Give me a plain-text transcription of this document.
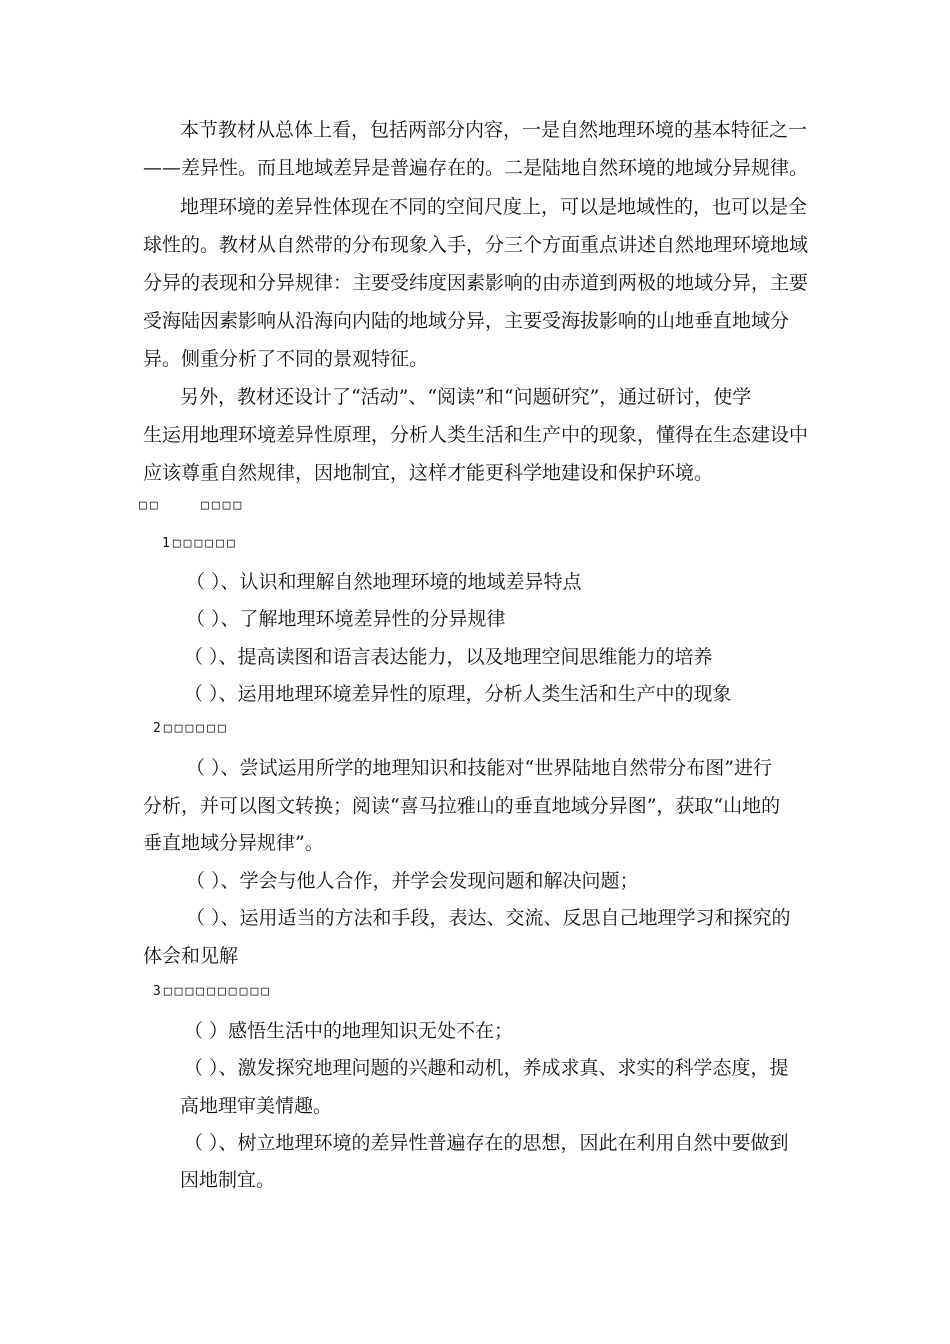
本节教材从总体上看，包括两部分内容，一是自然地理环境的基本特征之一

——差异性。而且地域差异是普遍存在的。二是陆地自然环境的地域分异规律。

地理环境的差异性体现在不同的空间尺度上，可以是地域性的，也可以是全

球性的。教材从自然带的分布现象入手，分三个方面重点讲述自然地理环境地域

分异的表现和分异规律：主要受纬度因素影响的由赤道到两极的地域分异，主要

受海陆因素影响从沿海向内陆的地域分异，主要受海拔影响的山地垂直地域分

异。侧重分析了不同的景观特征。

另外，教材还设计了“活动”、“阅读”和“问题研究”，通过研讨，使学

生运用地理环境差异性原理，分析人类生活和生产中的现象，懂得在生态建设中

应该尊重自然规律，因地制宜，这样才能更科学地建设和保护环境。

□□	□□□□

1□□□□□□

（ ）、认识和理解自然地理环境的地域差异特点

（ ）、了解地理环境差异性的分异规律

（ ）、提高读图和语言表达能力，以及地理空间思维能力的培养

（ ）、运用地理环境差异性的原理，分析人类生活和生产中的现象

2□□□□□□

（ ）、尝试运用所学的地理知识和技能对“世界陆地自然带分布图”进行

分析，并可以图文转换；阅读“喜马拉雅山的垂直地域分异图”，获取“山地的

垂直地域分异规律”。

（ ）、学会与他人合作，并学会发现问题和解决问题；

（ ）、运用适当的方法和手段，表达、交流、反思自己地理学习和探究的

体会和见解

3□□□□□□□□□□

（ ）感悟生活中的地理知识无处不在；

（ ）、激发探究地理问题的兴趣和动机，养成求真、求实的科学态度，提

高地理审美情趣。

（ ）、树立地理环境的差异性普遍存在的思想，因此在利用自然中要做到

因地制宜。
